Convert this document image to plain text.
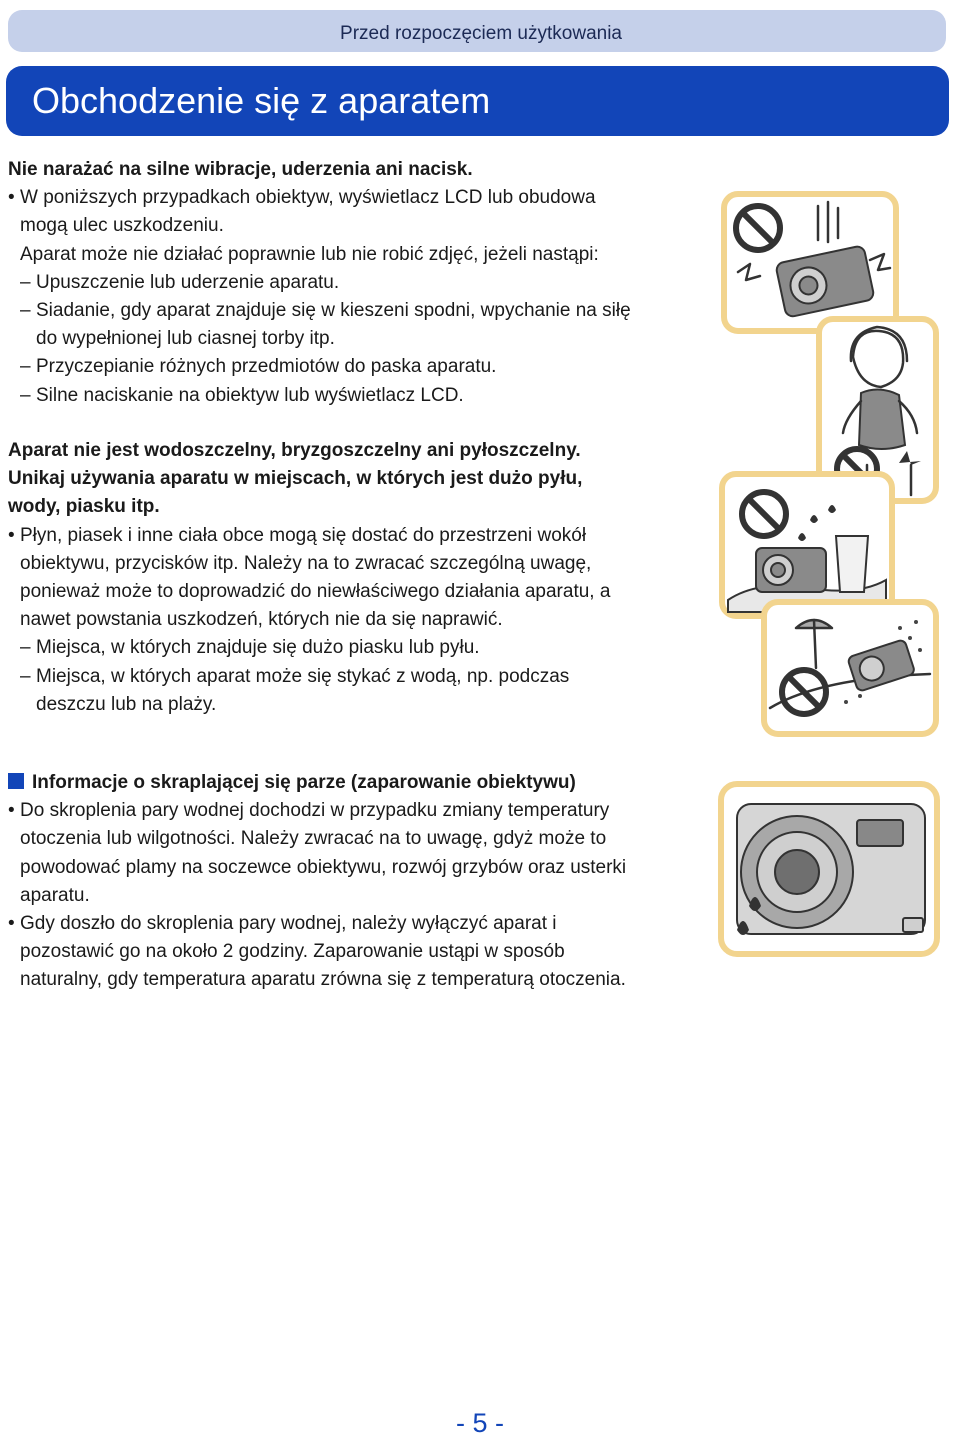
Przed rozpoczęciem użytkowania
Obchodzenie się z aparatem
Nie narażać na silne wibracje, uderzenia ani nacisk.
• W poniższych przypadkach obiektyw, wyświetlacz LCD lub obudowa
mogą ulec uszkodzeniu.
Aparat może nie działać poprawnie lub nie robić zdjęć, jeżeli nastąpi:
– Upuszczenie lub uderzenie aparatu.
– Siadanie, gdy aparat znajduje się w kieszeni spodni, wpychanie na siłę
do wypełnionej lub ciasnej torby itp.
– Przyczepianie różnych przedmiotów do paska aparatu.
– Silne naciskanie na obiektyw lub wyświetlacz LCD.
Aparat nie jest wodoszczelny, bryzgoszczelny ani pyłoszczelny.
Unikaj używania aparatu w miejscach, w których jest dużo pyłu,
wody, piasku itp.
• Płyn, piasek i inne ciała obce mogą się dostać do przestrzeni wokół
obiektywu, przycisków itp. Należy na to zwracać szczególną uwagę,
ponieważ może to doprowadzić do niewłaściwego działania aparatu, a
nawet powstania uszkodzeń, których nie da się naprawić.
– Miejsca, w których znajduje się dużo piasku lub pyłu.
– Miejsca, w których aparat może się stykać z wodą, np. podczas
deszczu lub na plaży.
Informacje o skraplającej się parze (zaparowanie obiektywu)
• Do skroplenia pary wodnej dochodzi w przypadku zmiany temperatury
otoczenia lub wilgotności. Należy zwracać na to uwagę, gdyż może to
powodować plamy na soczewce obiektywu, rozwój grzybów oraz usterki
aparatu.
• Gdy doszło do skroplenia pary wodnej, należy wyłączyć aparat i
pozostawić go na około 2 godziny. Zaparowanie ustąpi w sposób
naturalny, gdy temperatura aparatu zrówna się z temperaturą otoczenia.
- 5 -
